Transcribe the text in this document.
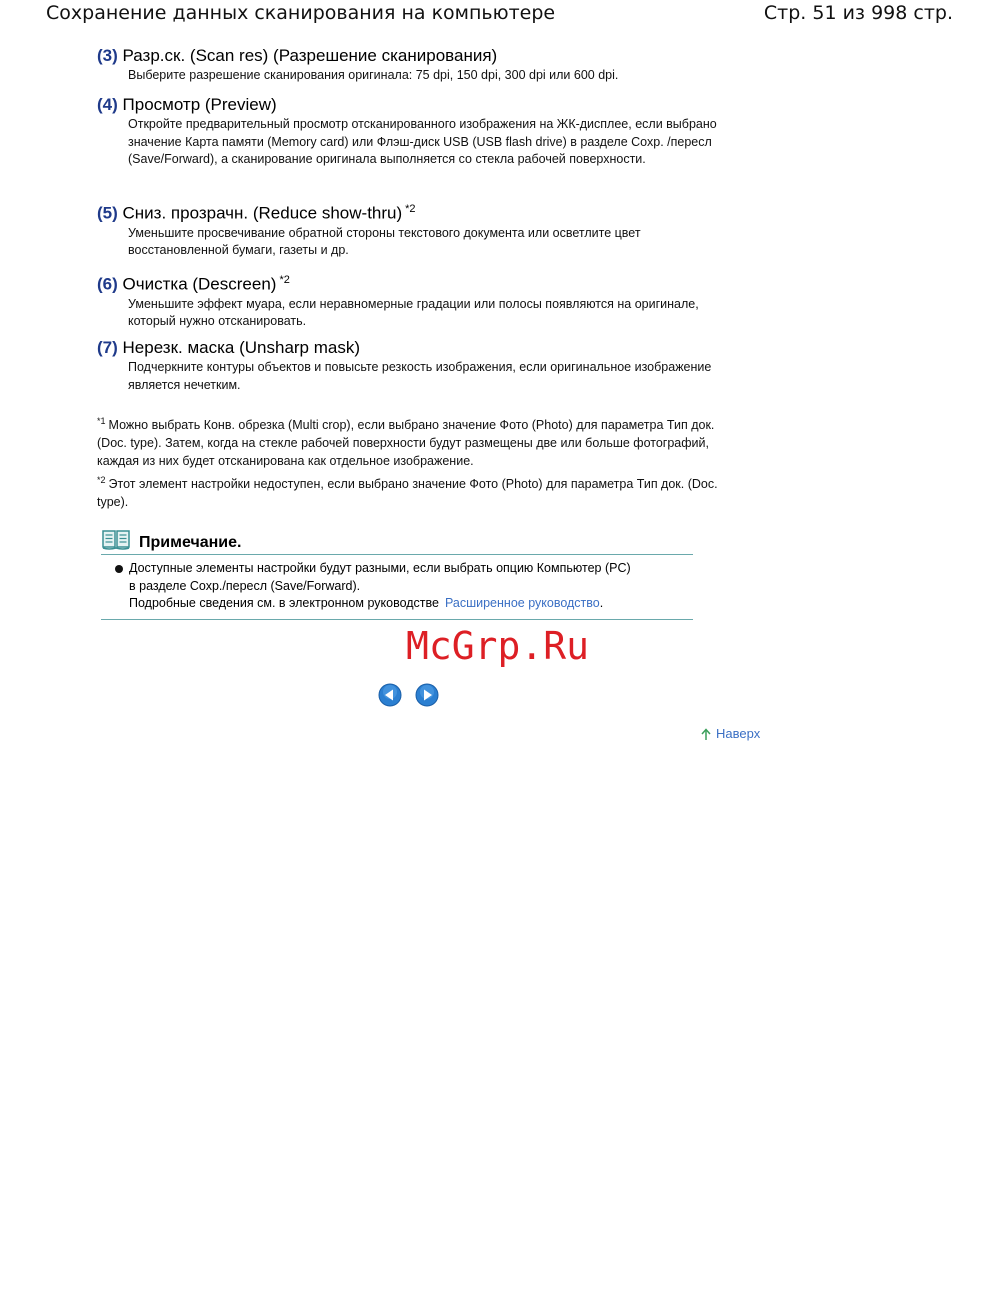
Сохранение данных сканирования на компьютере	Стр. 51 из 998 стр.
(3) Разр.ск. (Scan res) (Разрешение сканирования)
Выберите разрешение сканирования оригинала: 75 dpi, 150 dpi, 300 dpi или 600 dpi.
(4) Просмотр (Preview)
Откройте предварительный просмотр отсканированного изображения на ЖК-дисплее, если выбрано значение Карта памяти (Memory card) или Флэш-диск USB (USB flash drive) в разделе Сохр. /пересл (Save/Forward), а сканирование оригинала выполняется со стекла рабочей поверхности.
(5) Сниз. прозрачн. (Reduce show-thru) $^{*2}$
Уменьшите просвечивание обратной стороны текстового документа или осветлите цвет восстановленной бумаги, газеты и др.
(6) Очистка (Descreen) $^{*2}$
Уменьшите эффект муара, если неравномерные градации или полосы появляются на оригинале, который нужно отсканировать.
(7) Нерезк. маска (Unsharp mask)
Подчеркните контуры объектов и повысьте резкость изображения, если оригинальное изображение является нечетким.
$^{*1}$ Можно выбрать Конв. обрезка (Multi crop), если выбрано значение Фото (Photo) для параметра Тип док. (Doc. type). Затем, когда на стекле рабочей поверхности будут размещены две или больше фотографий, каждая из них будет отсканирована как отдельное изображение.
$^{*2}$ Этот элемент настройки недоступен, если выбрано значение Фото (Photo) для параметра Тип док. (Doc. type).
Примечание.
Доступные элементы настройки будут разными, если выбрать опцию Компьютер (PC)
в разделе Сохр./пересл (Save/Forward).
Подробные сведения см. в электронном руководстве Расширенное руководство.
McGrp.Ru
Наверх
